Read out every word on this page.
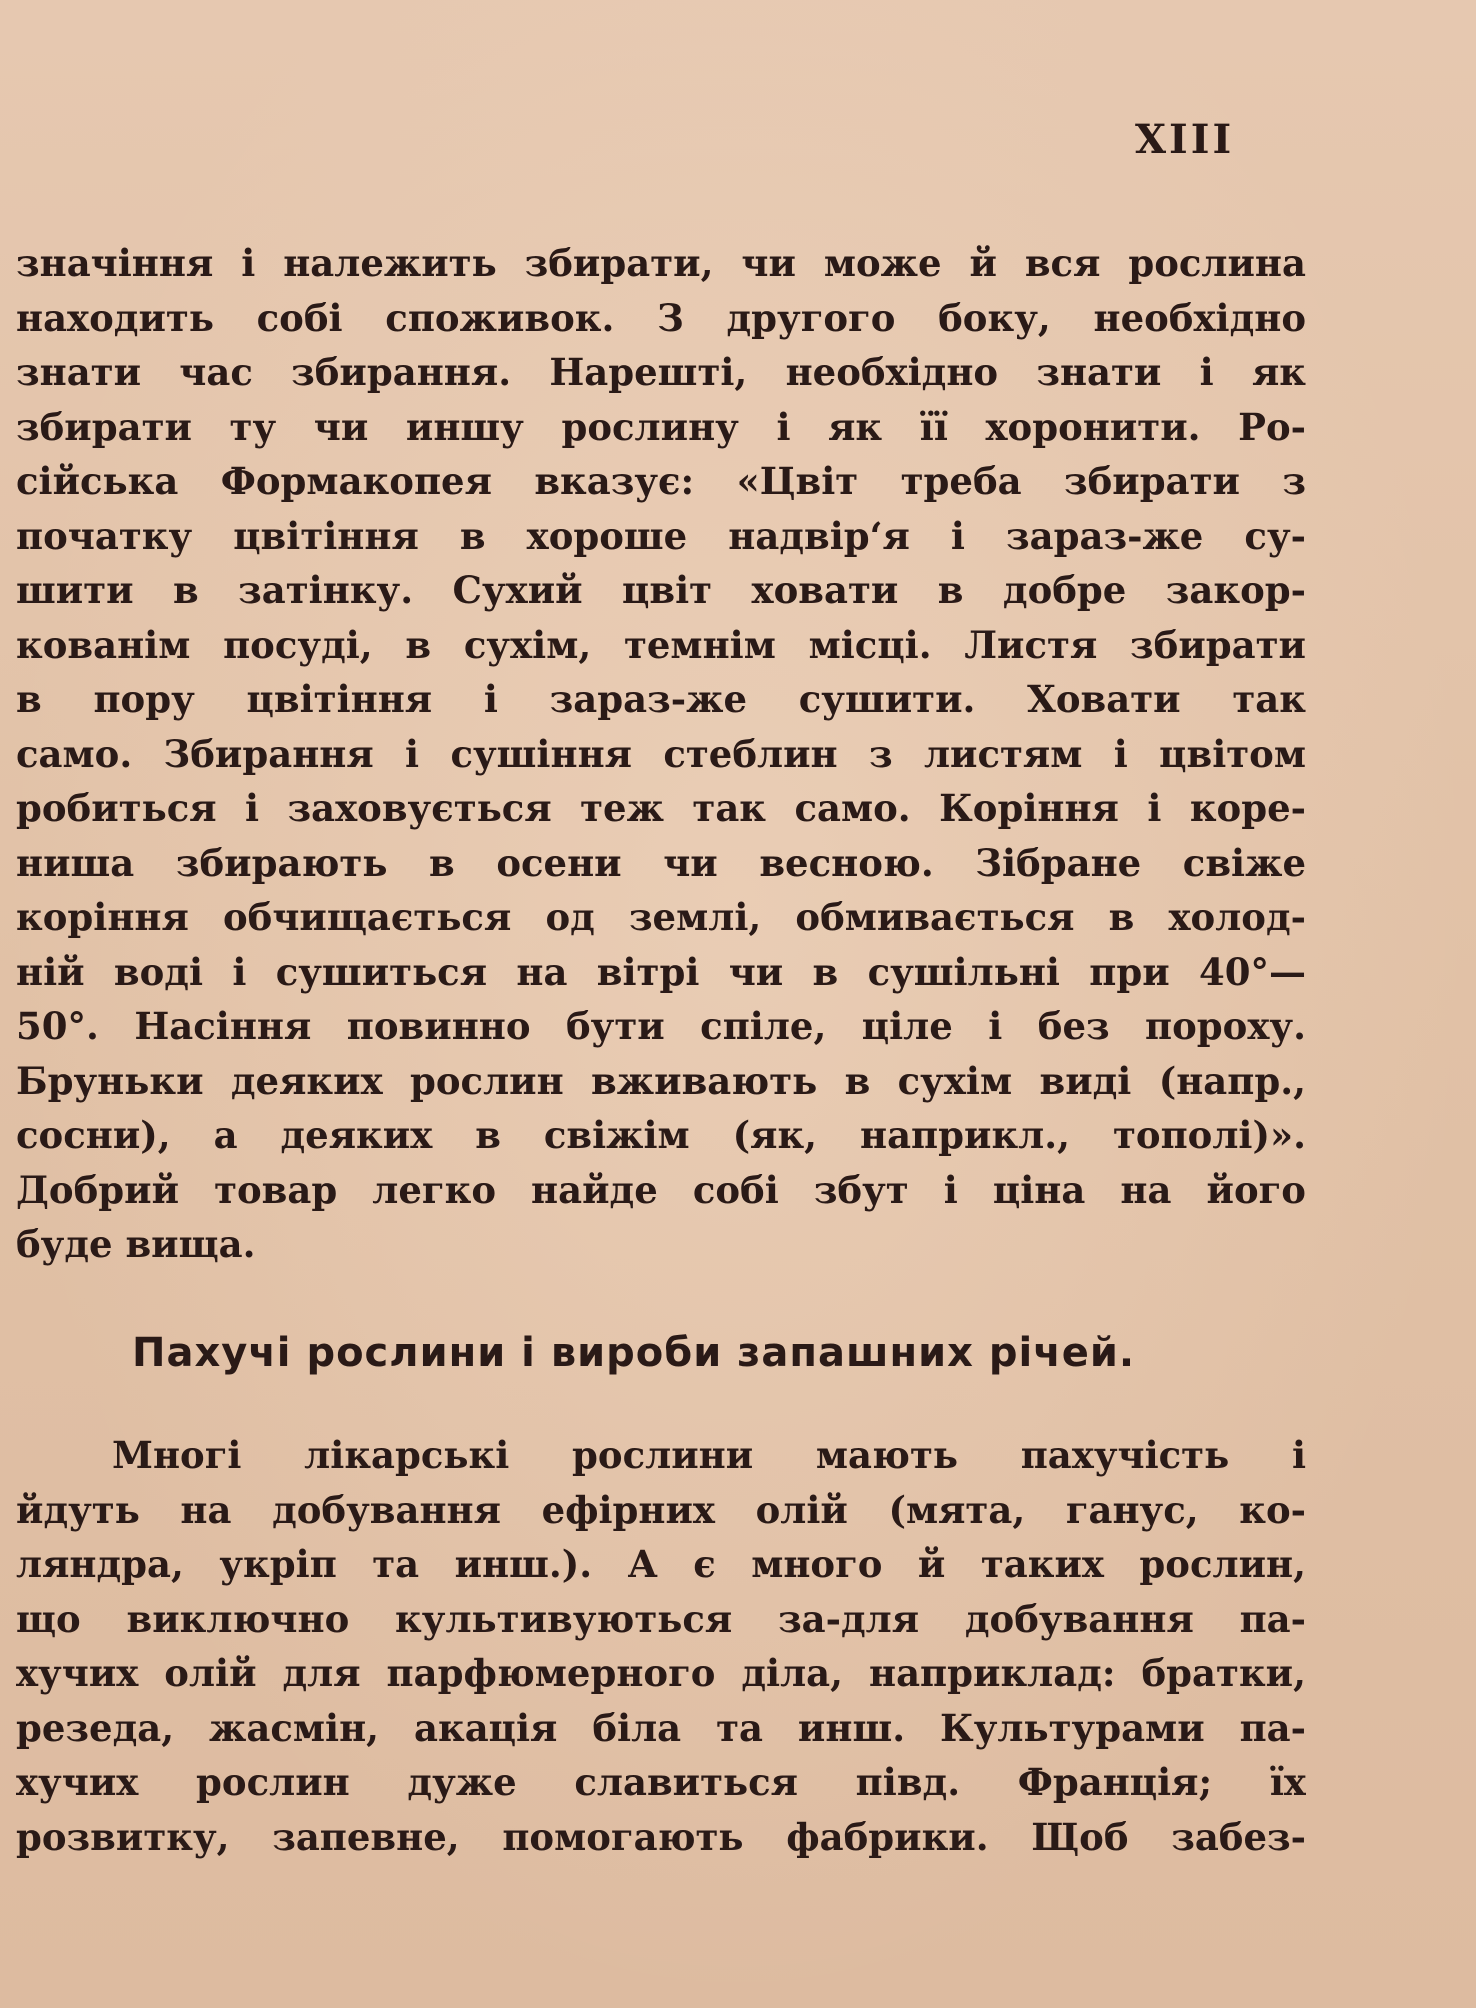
XIII
значіння і належить збирати, чи може й вся рослина
находить собі споживок. З другого боку, необхідно
знати час збирання. Нарешті, необхідно знати і як
збирати ту чи иншу рослину і як її хоронити. Ро-
сійська Формакопея вказує: «Цвіт треба збирати з
початку цвітіння в хороше надвір‘я і зараз-же су-
шити в затінку. Сухий цвіт ховати в добре закор-
кованім посуді, в сухім, темнім місці. Листя збирати
в пору цвітіння і зараз-же сушити. Ховати так
само. Збирання і сушіння стеблин з листям і цвітом
робиться і заховується теж так само. Коріння і коре-
ниша збирають в осени чи весною. Зібране свіже
коріння обчищається од землі, обмивається в холод-
ній воді і сушиться на вітрі чи в сушільні при 40°—
50°. Насіння повинно бути спіле, ціле і без пороху.
Бруньки деяких рослин вживають в сухім виді (напр.,
сосни), а деяких в свіжім (як, наприкл., тополі)».
Добрий товар легко найде собі збут і ціна на його
буде вища.
Пахучі рослини і вироби запашних річей.
Многі лікарські рослини мають пахучість і
йдуть на добування ефірних олій (мята, ганус, ко-
ляндра, укріп та инш.). А є много й таких рослин,
що виключно культивуються за-для добування па-
хучих олій для парфюмерного діла, наприклад: братки,
резеда, жасмін, акація біла та инш. Культурами па-
хучих рослин дуже славиться півд. Франція; їх
розвитку, запевне, помогають фабрики. Щоб забез-
